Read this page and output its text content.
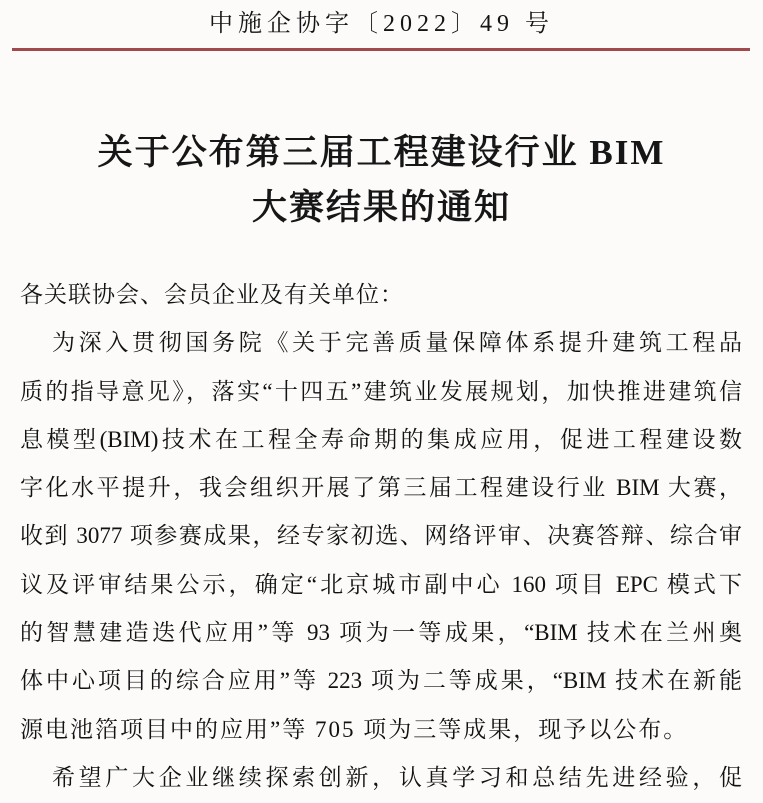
中施企协字〔2022〕49 号
关于公布第三届工程建设行业 BIM
大赛结果的通知
各关联协会、会员企业及有关单位：
为深入贯彻国务院《关于完善质量保障体系提升建筑工程品
质的指导意见》，落实“十四五”建筑业发展规划，加快推进建筑信
息模型(BIM)技术在工程全寿命期的集成应用，促进工程建设数
字化水平提升，我会组织开展了第三届工程建设行业 BIM 大赛，
收到 3077 项参赛成果，经专家初选、网络评审、决赛答辩、综合审
议及评审结果公示，确定“北京城市副中心 160 项目 EPC 模式下
的智慧建造迭代应用”等 93 项为一等成果，“BIM 技术在兰州奥
体中心项目的综合应用”等 223 项为二等成果，“BIM 技术在新能
源电池箔项目中的应用”等 705 项为三等成果，现予以公布。
希望广大企业继续探索创新，认真学习和总结先进经验，促
